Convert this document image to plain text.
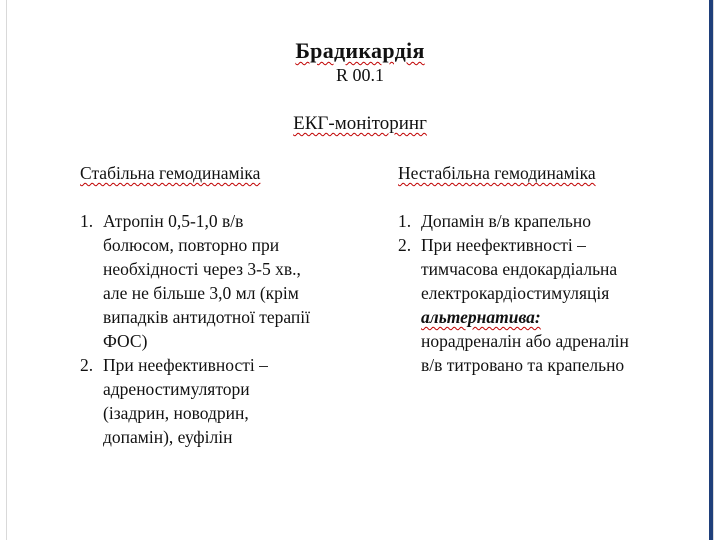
Брадикардія
R 00.1
ЕКГ-моніторинг
Стабільна гемодинаміка
1. Атропін 0,5-1,0 в/в
болюсом, повторно при
необхідності через 3-5 хв.,
але не більше 3,0 мл (крім
випадків антидотної терапії
ФОС)
2. При неефективності –
адреностимулятори
(ізадрин, новодрин,
допамін), еуфілін
Нестабільна гемодинаміка
1. Допамін в/в крапельно
2. При неефективності –
тимчасова ендокардіальна
електрокардіостимуляція
альтернатива:
норадреналін або адреналін
в/в титровано та крапельно
